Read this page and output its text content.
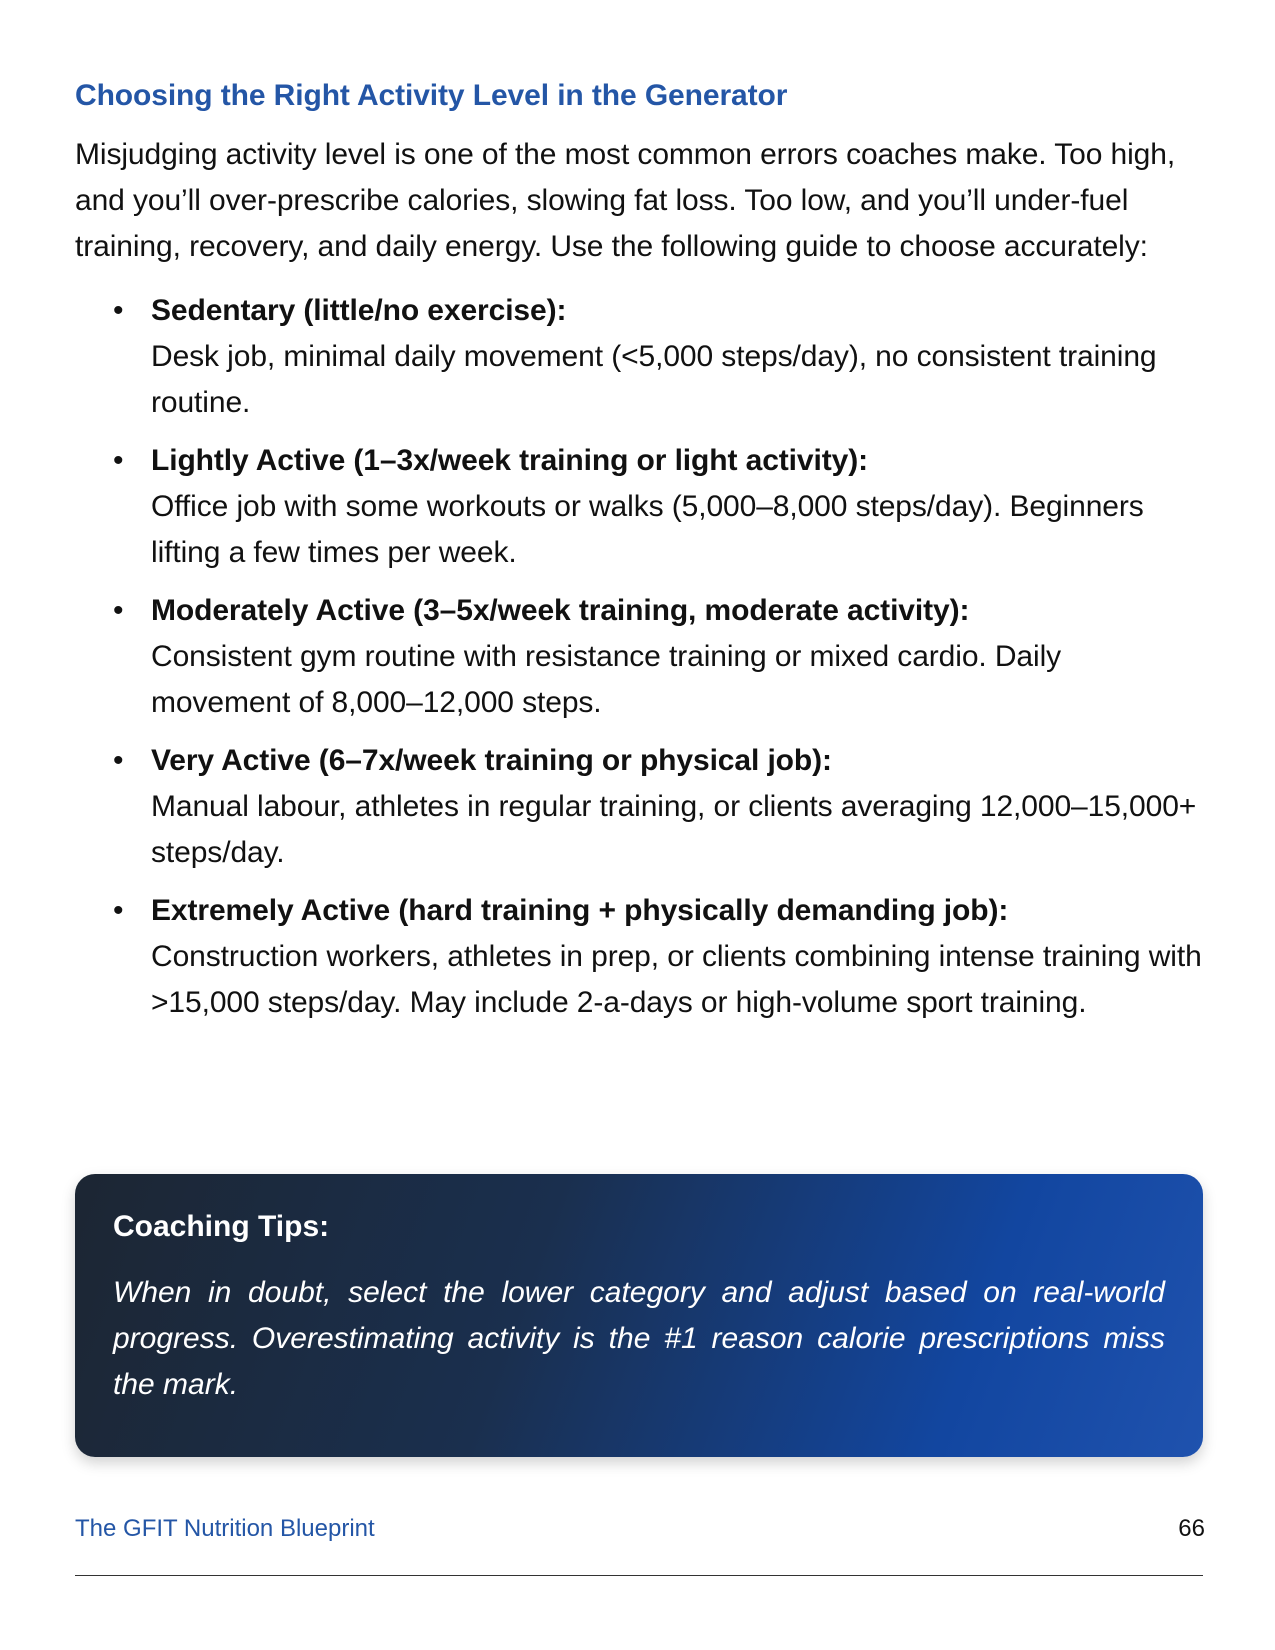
Choosing the Right Activity Level in the Generator

Misjudging activity level is one of the most common errors coaches make. Too high, and you’ll over-prescribe calories, slowing fat loss. Too low, and you’ll under-fuel training, recovery, and daily energy. Use the following guide to choose accurately:

• Sedentary (little/no exercise):
Desk job, minimal daily movement (<5,000 steps/day), no consistent training routine.
• Lightly Active (1–3x/week training or light activity):
Office job with some workouts or walks (5,000–8,000 steps/day). Beginners lifting a few times per week.
• Moderately Active (3–5x/week training, moderate activity):
Consistent gym routine with resistance training or mixed cardio. Daily movement of 8,000–12,000 steps.
• Very Active (6–7x/week training or physical job):
Manual labour, athletes in regular training, or clients averaging 12,000–15,000+ steps/day.
• Extremely Active (hard training + physically demanding job):
Construction workers, athletes in prep, or clients combining intense training with >15,000 steps/day. May include 2-a-days or high-volume sport training.
Coaching Tips:

When in doubt, select the lower category and adjust based on real-world progress. Overestimating activity is the #1 reason calorie prescriptions miss the mark.

The GFIT Nutrition Blueprint	66
